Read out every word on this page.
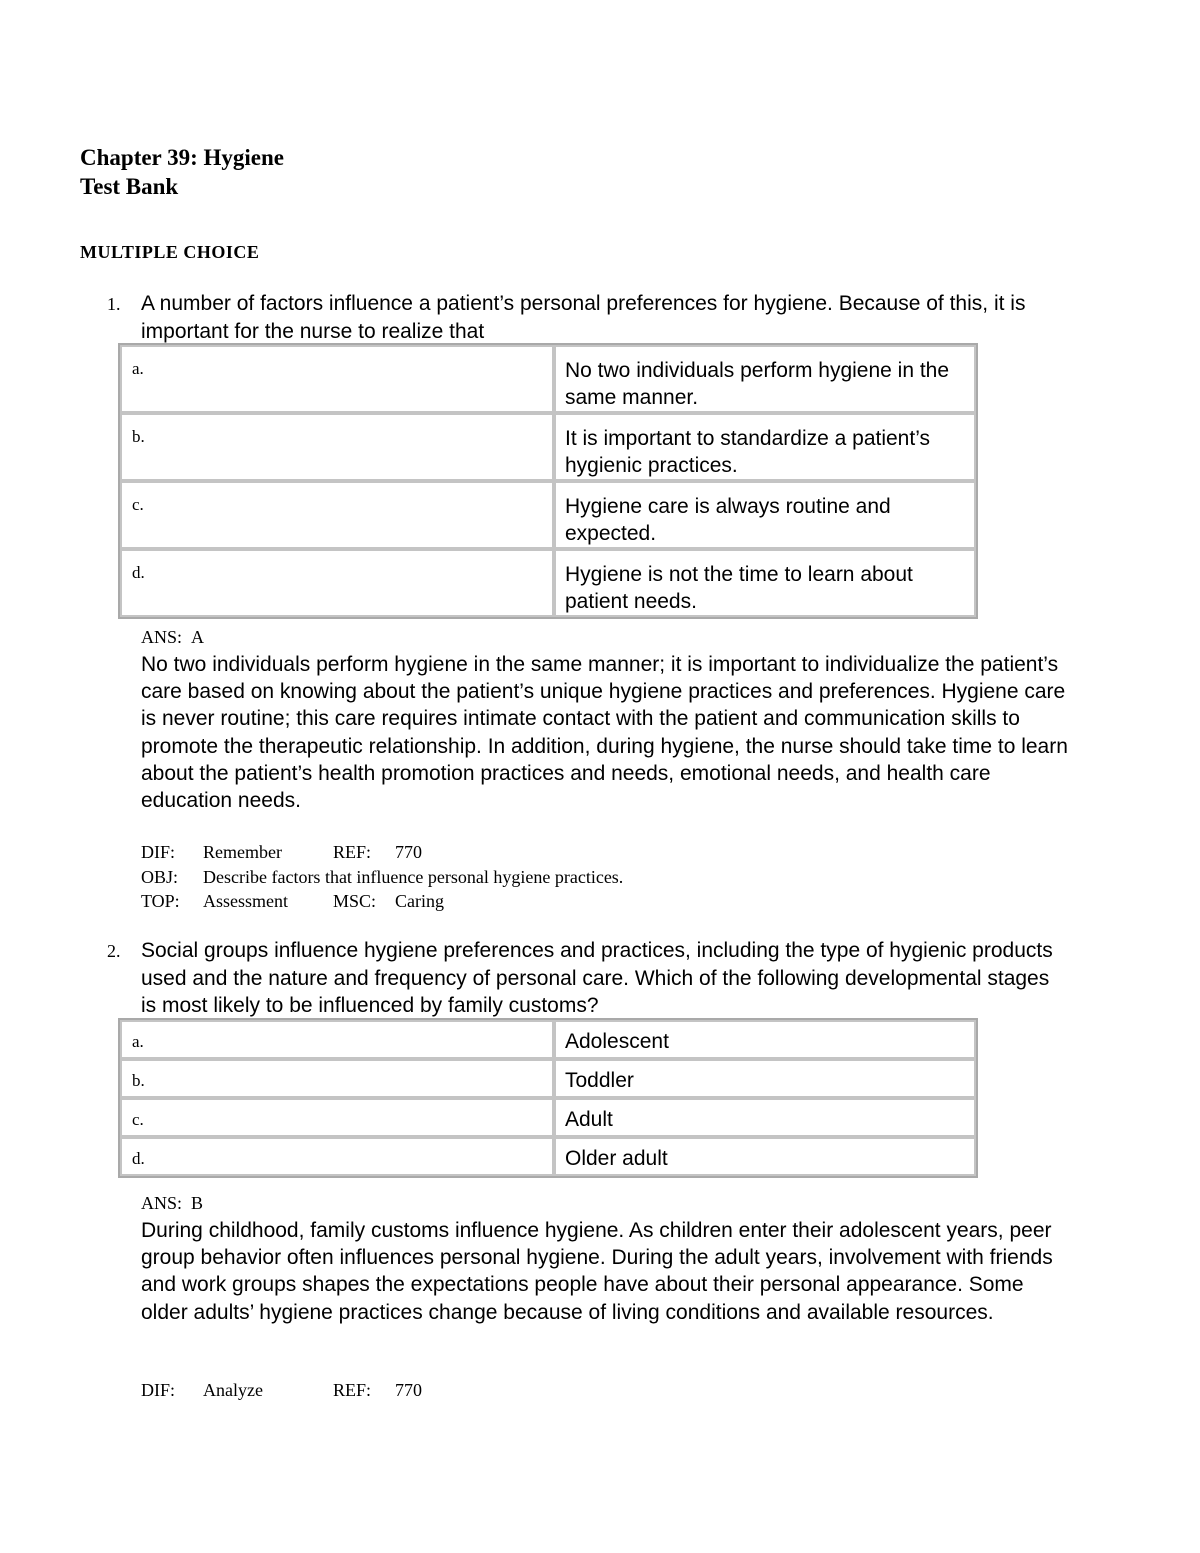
Chapter 39: Hygiene
Test Bank
MULTIPLE CHOICE
1. A number of factors influence a patient’s personal preferences for hygiene. Because of this, it is important for the nurse to realize that

a.	No two individuals perform hygiene in the same manner.
b.	It is important to standardize a patient’s hygienic practices.
c.	Hygiene care is always routine and expected.
d.	Hygiene is not the time to learn about patient needs.
ANS: A

No two individuals perform hygiene in the same manner; it is important to individualize the patient’s care based on knowing about the patient’s unique hygiene practices and preferences. Hygiene care is never routine; this care requires intimate contact with the patient and communication skills to promote the therapeutic relationship. In addition, during hygiene, the nurse should take time to learn about the patient’s health promotion practices and needs, emotional needs, and health care education needs.

DIF: Remember	REF: 770
OBJ: Describe factors that influence personal hygiene practices.
TOP: Assessment	MSC: Caring
2. Social groups influence hygiene preferences and practices, including the type of hygienic products used and the nature and frequency of personal care. Which of the following developmental stages is most likely to be influenced by family customs?

a.	Adolescent
b.	Toddler
c.	Adult
d.	Older adult
ANS: B

During childhood, family customs influence hygiene. As children enter their adolescent years, peer group behavior often influences personal hygiene. During the adult years, involvement with friends and work groups shapes the expectations people have about their personal appearance. Some older adults’ hygiene practices change because of living conditions and available resources.

DIF: Analyze	REF: 770
